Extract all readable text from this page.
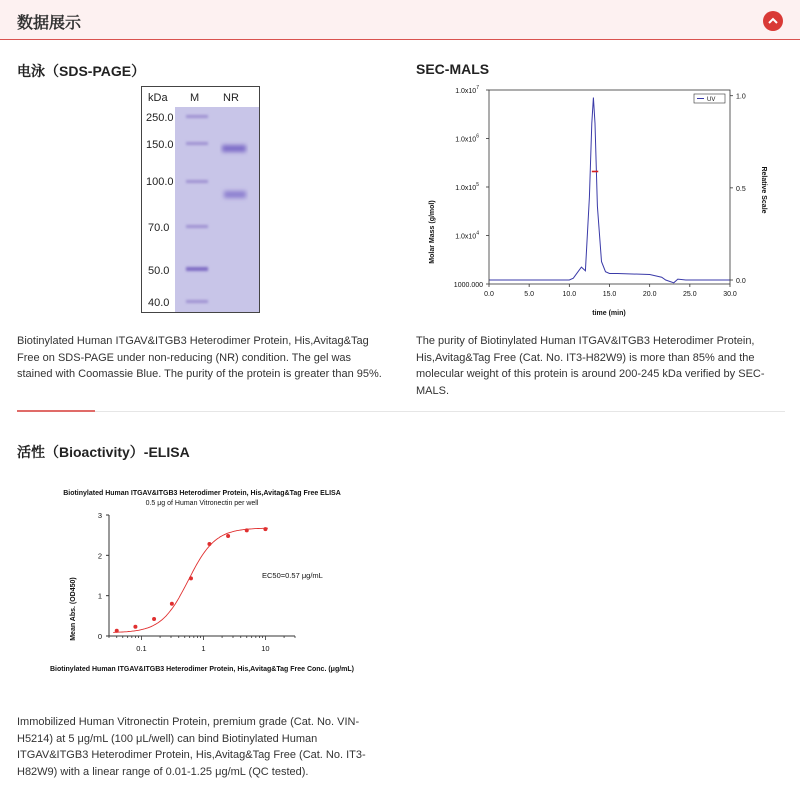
数据展示
电泳（SDS-PAGE）
kDa M NR
250.0
150.0
100.0
70.0
50.0
40.0
Biotinylated Human ITGAV&ITGB3 Heterodimer Protein, His,Avitag&Tag Free on SDS-PAGE under non-reducing (NR) condition. The gel was stained with Coomassie Blue. The purity of the protein is greater than 95%.
SEC-MALS
Molar Mass (g/mol)
Relative Scale
time (min)
0.0	5.0	10.0	15.0	20.0	25.0	30.0
1000.000
$1.0x10^4$
$1.0x10^5$
$1.0x10^6$
$1.0x10^7$
0.0
0.5
1.0
UV
The purity of Biotinylated Human ITGAV&ITGB3 Heterodimer Protein, His,Avitag&Tag Free (Cat. No. IT3-H82W9) is more than 85% and the molecular weight of this protein is around 200-245 kDa verified by SEC-MALS.
活性（Bioactivity）-ELISA
Biotinylated Human ITGAV&ITGB3 Heterodimer Protein, His,Avitag&Tag Free ELISA
0.5 μg of Human Vitronectin per well
Mean Abs. (OD450)
Biotinylated Human ITGAV&ITGB3 Heterodimer Protein, His,Avitag&Tag Free Conc. (μg/mL)
EC50=0.57 μg/mL
0
1
2
3
0.1	1	10
Immobilized Human Vitronectin Protein, premium grade (Cat. No. VIN-H5214) at 5 μg/mL (100 μL/well) can bind Biotinylated Human ITGAV&ITGB3 Heterodimer Protein, His,Avitag&Tag Free (Cat. No. IT3-H82W9) with a linear range of 0.01-1.25 μg/mL (QC tested).
